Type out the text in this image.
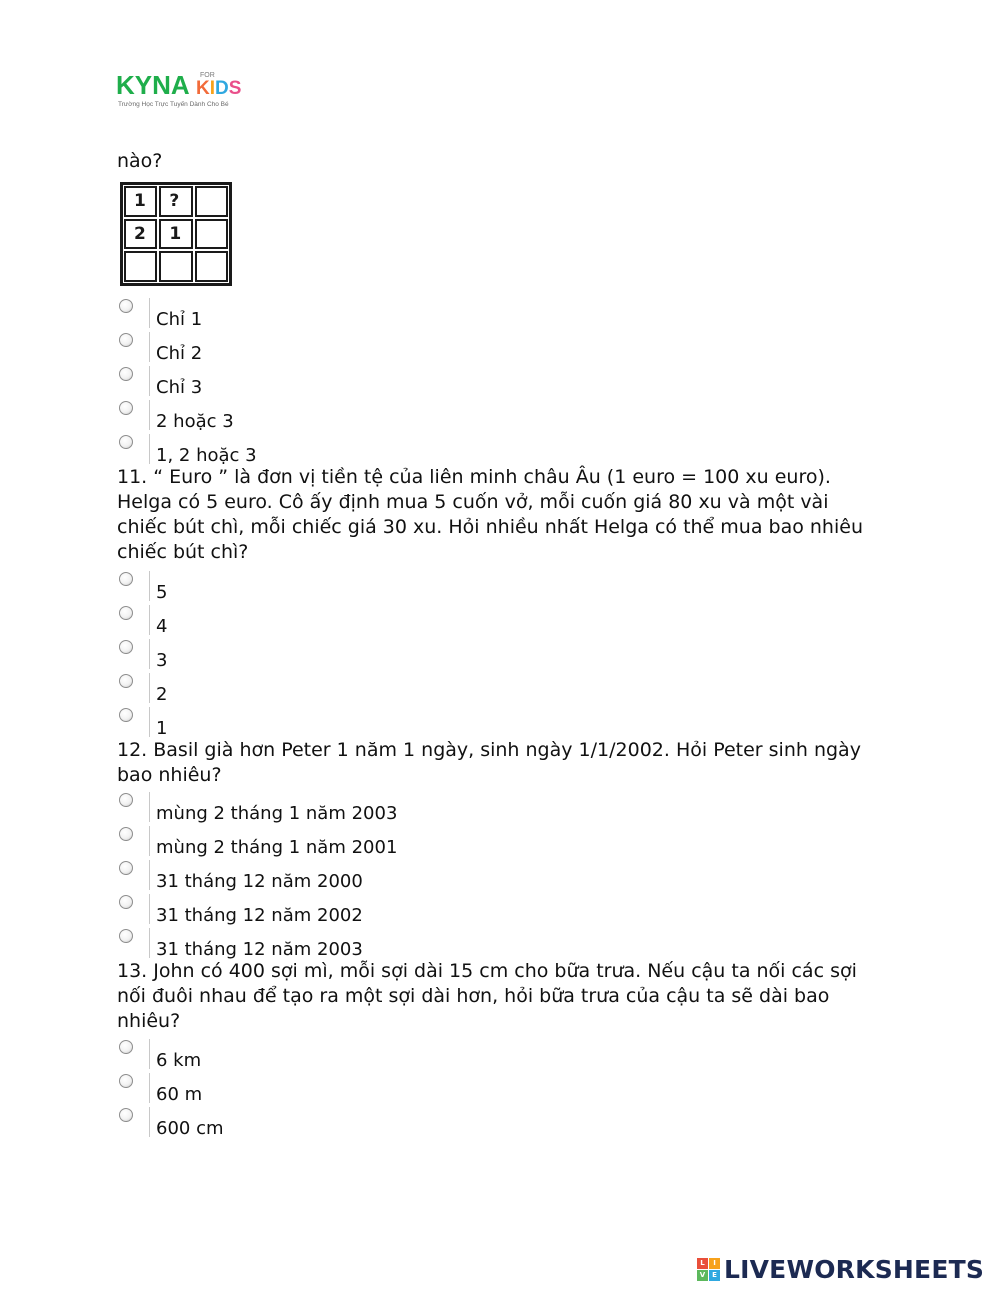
KYNA FOR
KIDS
Trường Học Trực Tuyến Dành Cho Bé
nào?
1	?
2	1
Chỉ 1
Chỉ 2
Chỉ 3
2 hoặc 3
1, 2 hoặc 3
11. “ Euro ” là đơn vị tiền tệ của liên minh châu Âu (1 euro = 100 xu euro). Helga có 5 euro. Cô ấy định mua 5 cuốn vở, mỗi cuốn giá 80 xu và một vài chiếc bút chì, mỗi chiếc giá 30 xu. Hỏi nhiều nhất Helga có thể mua bao nhiêu chiếc bút chì?
5
4
3
2
1
12. Basil già hơn Peter 1 năm 1 ngày, sinh ngày 1/1/2002. Hỏi Peter sinh ngày bao nhiêu?
mùng 2 tháng 1 năm 2003
mùng 2 tháng 1 năm 2001
31 tháng 12 năm 2000
31 tháng 12 năm 2002
31 tháng 12 năm 2003
13. John có 400 sợi mì, mỗi sợi dài 15 cm cho bữa trưa. Nếu cậu ta nối các sợi nối đuôi nhau để tạo ra một sợi dài hơn, hỏi bữa trưa của cậu ta sẽ dài bao nhiêu?
6 km
60 m
600 cm
L	I
V E LIVEWORKSHEETS
